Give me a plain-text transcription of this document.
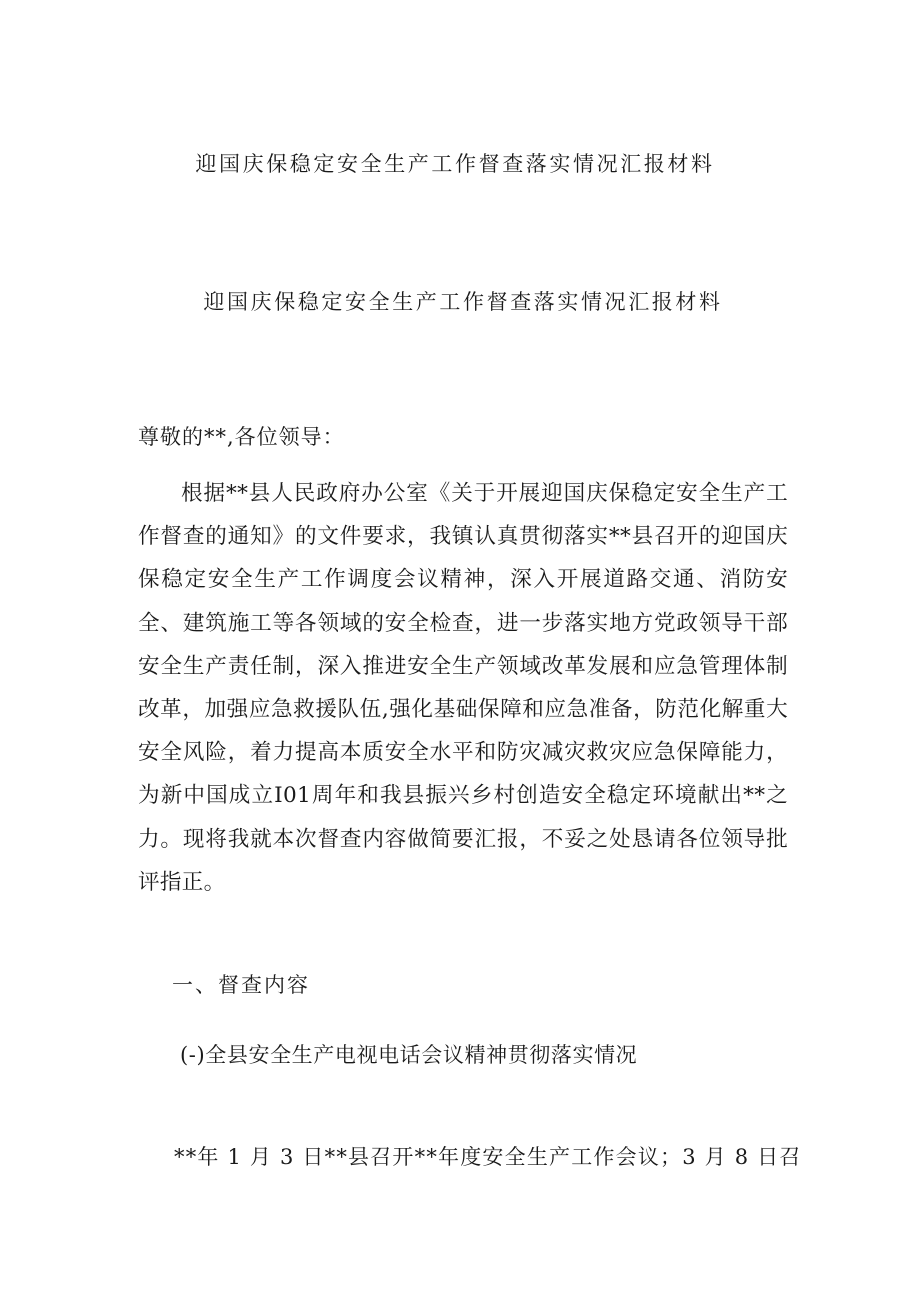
迎国庆保稳定安全生产工作督查落实情况汇报材料
迎国庆保稳定安全生产工作督查落实情况汇报材料
尊敬的**,各位领导：

根据**县人民政府办公室《关于开展迎国庆保稳定安全生产工作督查的通知》的文件要求，我镇认真贯彻落实**县召开的迎国庆保稳定安全生产工作调度会议精神，深入开展道路交通、消防安全、建筑施工等各领域的安全检查，进一步落实地方党政领导干部安全生产责任制，深入推进安全生产领域改革发展和应急管理体制改革，加强应急救援队伍,强化基础保障和应急准备，防范化解重大安全风险，着力提高本质安全水平和防灾减灾救灾应急保障能力，为新中国成立I01周年和我县振兴乡村创造安全稳定环境献出**之力。现将我就本次督查内容做简要汇报，不妥之处恳请各位领导批评指正。

一、督查内容
(-)全县安全生产电视电话会议精神贯彻落实情况
**年 1 月 3 日**县召开**年度安全生产工作会议；3 月 8 日召
